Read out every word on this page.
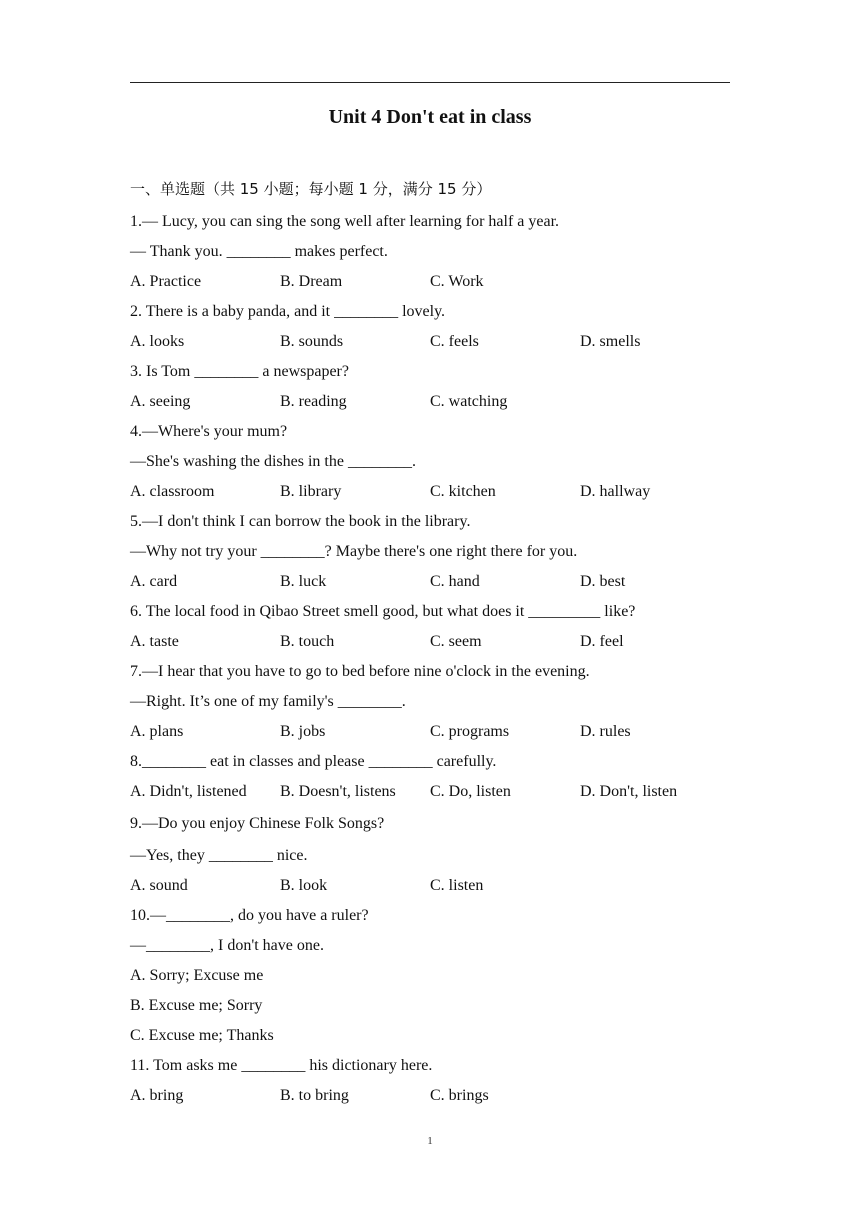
Unit 4 Don't eat in class
一、单选题（共 15 小题；每小题 1 分，满分 15 分）
1.— Lucy, you can sing the song well after learning for half a year.
— Thank you. ________ makes perfect.
A. Practice	B. Dream	C. Work
2. There is a baby panda, and it ________ lovely.
A. looks	B. sounds	C. feels	D. smells
3. Is Tom ________ a newspaper?
A. seeing	B. reading	C. watching
4.—Where's your mum?
—She's washing the dishes in the ________.
A. classroom	B. library	C. kitchen	D. hallway
5.—I don't think I can borrow the book in the library.
—Why not try your ________? Maybe there's one right there for you.
A. card	B. luck	C. hand	D. best
6. The local food in Qibao Street smell good, but what does it _________ like?
A. taste	B. touch	C. seem	D. feel
7.—I hear that you have to go to bed before nine o'clock in the evening.
—Right. It’s one of my family's ________.
A. plans	B. jobs	C. programs	D. rules
8.________ eat in classes and please ________ carefully.
A. Didn't, listened	B. Doesn't, listens	C. Do, listen	D. Don't, listen
9.—Do you enjoy Chinese Folk Songs?
—Yes, they ________ nice.
A. sound	B. look	C. listen
10.—________, do you have a ruler?
—________, I don't have one.
A. Sorry; Excuse me
B. Excuse me; Sorry
C. Excuse me; Thanks
11. Tom asks me ________ his dictionary here.
A. bring	B. to bring	C. brings
1
